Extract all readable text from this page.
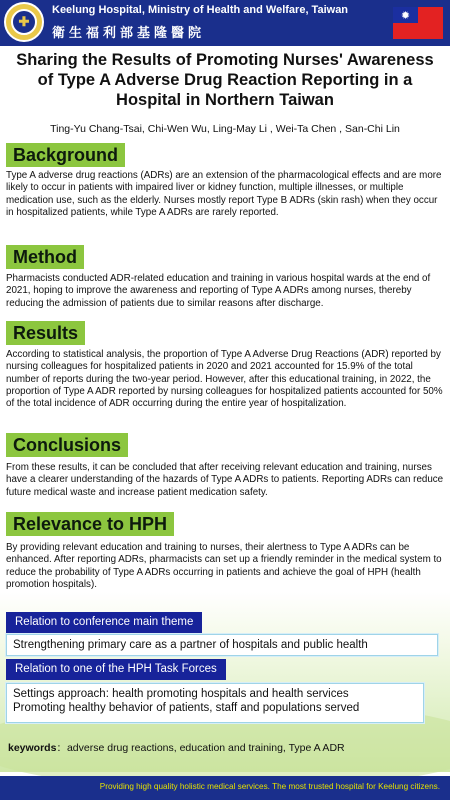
✚
Keelung Hospital, Ministry of Health and Welfare, Taiwan
衛生福利部基隆醫院
✹
Sharing the Results of Promoting Nurses' Awareness of Type A Adverse Drug Reaction Reporting in a Hospital in Northern Taiwan
Ting-Yu Chang-Tsai, Chi-Wen Wu, Ling-May Li , Wei-Ta Chen , San-Chi Lin
Background
Type A adverse drug reactions (ADRs) are an extension of the pharmacological effects and are more likely to occur in patients with impaired liver or kidney function, multiple illnesses, or multiple medication use, such as the elderly. Nurses mostly report Type B ADRs (skin rash) when they occur in hospitalized patients, while Type A ADRs are rarely reported.
Method
Pharmacists conducted ADR-related education and training in various hospital wards at the end of 2021, hoping to improve the awareness and reporting of Type A ADRs among nurses, thereby reducing the admission of patients due to similar reasons after discharge.
Results
According to statistical analysis, the proportion of Type A Adverse Drug Reactions (ADR) reported by nursing colleagues for hospitalized patients in 2020 and 2021 accounted for 15.9% of the total number of reports during the two-year period. However, after this educational training, in 2022, the proportion of Type A ADR reported by nursing colleagues for hospitalized patients accounted for 50% of the total incidence of ADR occurring during the entire year of hospitalization.
Conclusions
From these results, it can be concluded that after receiving relevant education and training, nurses have a clearer understanding of the hazards of Type A ADRs to patients. Reporting ADRs can reduce future medical waste and increase patient medication safety.
Relevance to HPH
By providing relevant education and training to nurses, their alertness to Type A ADRs can be enhanced. After reporting ADRs, pharmacists can set up a friendly reminder in the medical system to reduce the probability of Type A ADRs occurring in patients and achieve the goal of HPH (health promotion hospitals).
Relation to conference main theme
Strengthening primary care as a partner of hospitals and public health
Relation to one of the HPH Task Forces
Settings approach: health promoting hospitals and health services
Promoting healthy behavior of patients, staff and populations served
keywords：adverse drug reactions, education and training, Type A ADR
Providing high quality holistic medical services. The most trusted hospital for Keelung citizens.
